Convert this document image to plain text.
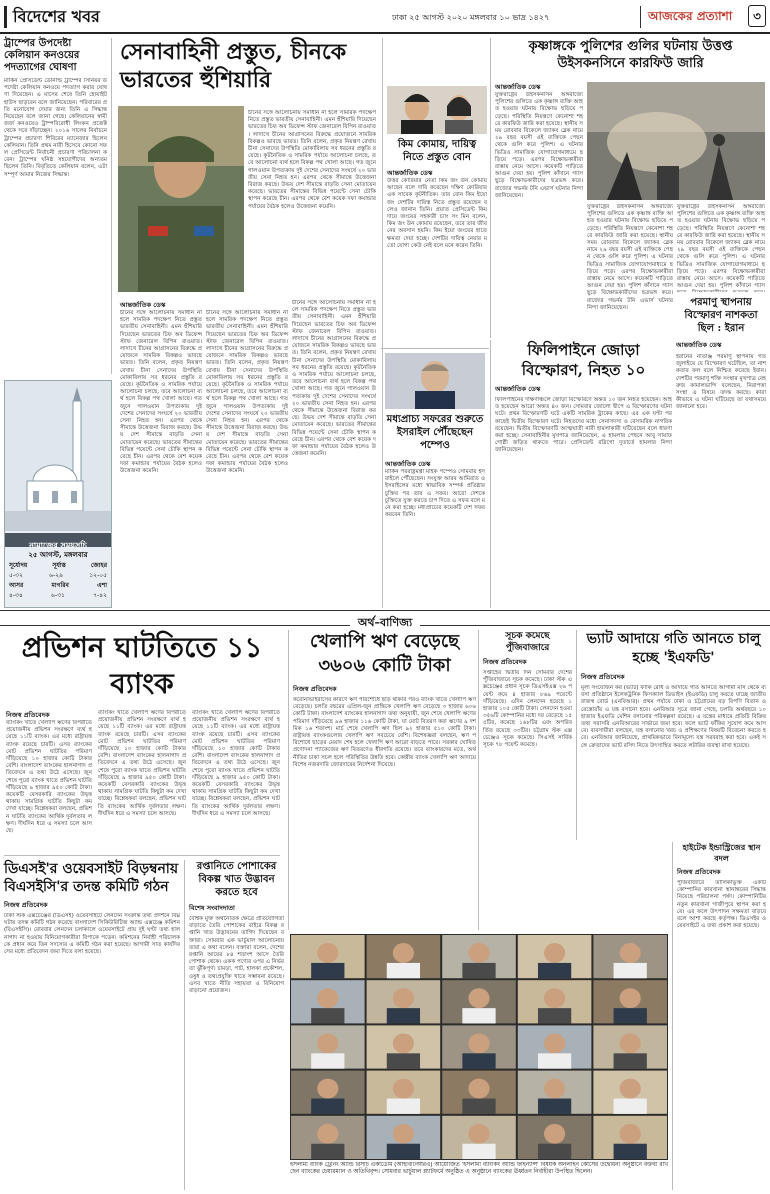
বিদেশের খবর	ঢাকা ২৫ আগস্ট ২০২০ মঙ্গলবার ১০ ভাদ্র ১৪২৭	আজকের প্রত্যাশা	৩
ট্রাম্পের উপদেষ্টা কেলিয়ান কনওয়ের পদত্যাগের ঘোষণা
মার্কিন প্রেসিডেন্ট ডোনাল্ড ট্রাম্পের সিনিয়র উপদেষ্টা কেলিয়ান কনওয়ে পদত্যাগ করার ঘোষণা দিয়েছেন। এ মাসের শেষে তিনি হোয়াইট হাউস ছাড়বেন বলে জানিয়েছেন। পরিবারের প্রতি মনোযোগ দেয়ার জন্য তিনি এ সিদ্ধান্ত নিয়েছেন বলে জানা গেছে। কেলিয়ানের স্বামী জর্জ কনওয়েও ট্রাম্পবিরোধী লিংকন প্রজেক্ট থেকে সরে দাঁড়াচ্ছেন। ২০১৬ সালের নির্বাচনে ট্রাম্পের প্রচারণা শিবিরের ম্যানেজার ছিলেন কেলিয়ান। তিনি প্রথম নারী হিসেবে কোনো সফল প্রেসিডেন্ট নির্বাচনী প্রচারণা পরিচালনা করেন। ট্রাম্পের ঘনিষ্ঠ সহযোগীদের অন্যতম ছিলেন তিনি। বিবৃতিতে কেলিয়ান বলেন, এটা সম্পূর্ণ আমার নিজের সিদ্ধান্ত।
নামাজের সময়সূচি
২৫ আগস্ট, মঙ্গলবার
সূর্যোদয়	সূর্যাস্ত	জোহর
৫-৩২	৬-২৯	১২-০৫
আসর	মাগরিব	এশা
৪-৩৪	৬-৩১	৭-৪২
সেনাবাহিনী প্রস্তুত, চীনকে ভারতের হুঁশিয়ারি
চীনের সঙ্গে আলোচনায় সমাধান না হলে সামরিক পদক্ষেপ নিতে প্রস্তুত ভারতীয় সেনাবাহিনী। এমন হুঁশিয়ারি দিয়েছেন ভারতের চিফ অব ডিফেন্স স্টাফ জেনারেল বিপিন রাওয়াত। লাদাখে চীনের আগ্রাসনের বিরুদ্ধে প্রয়োজনে সামরিক বিকল্পও ভাবছে ভারত। তিনি বলেন, প্রকৃত নিয়ন্ত্রণ রেখায় চীনা সেনাদের উপস্থিতি মোকাবিলায় সব ধরনের প্রস্তুতি রয়েছে। কূটনৈতিক ও সামরিক পর্যায়ে আলোচনা চলছে, তবে আলোচনা ব্যর্থ হলে বিকল্প পথ খোলা আছে। গত জুনে গালওয়ান উপত্যকায় দুই দেশের সেনাদের সংঘর্ষে ২০ ভারতীয় সেনা নিহত হন। এরপর থেকে সীমান্তে উত্তেজনা বিরাজ করছে। উভয় দেশ সীমান্তে বাড়তি সেনা মোতায়েন করেছে। ভারতের সীমান্তের বিভিন্ন পয়েন্টে সেনা চৌকি স্থাপন করেছে চীন। এরপর থেকে বেশ কয়েক দফা কমান্ডার পর্যায়ের বৈঠক হলেও উত্তেজনা কমেনি।
আন্তর্জাতিক ডেস্ক
চীনের সঙ্গে আলোচনায় সমাধান না হলে সামরিক পদক্ষেপ নিতে প্রস্তুত ভারতীয় সেনাবাহিনী। এমন হুঁশিয়ারি দিয়েছেন ভারতের চিফ অব ডিফেন্স স্টাফ জেনারেল বিপিন রাওয়াত। লাদাখে চীনের আগ্রাসনের বিরুদ্ধে প্রয়োজনে সামরিক বিকল্পও ভাবছে ভারত। তিনি বলেন, প্রকৃত নিয়ন্ত্রণ রেখায় চীনা সেনাদের উপস্থিতি মোকাবিলায় সব ধরনের প্রস্তুতি রয়েছে। কূটনৈতিক ও সামরিক পর্যায়ে আলোচনা চলছে, তবে আলোচনা ব্যর্থ হলে বিকল্প পথ খোলা আছে। গত জুনে গালওয়ান উপত্যকায় দুই দেশের সেনাদের সংঘর্ষে ২০ ভারতীয় সেনা নিহত হন। এরপর থেকে সীমান্তে উত্তেজনা বিরাজ করছে। উভয় দেশ সীমান্তে বাড়তি সেনা মোতায়েন করেছে। ভারতের সীমান্তের বিভিন্ন পয়েন্টে সেনা চৌকি স্থাপন করেছে চীন। এরপর থেকে বেশ কয়েক দফা কমান্ডার পর্যায়ের বৈঠক হলেও উত্তেজনা কমেনি।
চীনের সঙ্গে আলোচনায় সমাধান না হলে সামরিক পদক্ষেপ নিতে প্রস্তুত ভারতীয় সেনাবাহিনী। এমন হুঁশিয়ারি দিয়েছেন ভারতের চিফ অব ডিফেন্স স্টাফ জেনারেল বিপিন রাওয়াত। লাদাখে চীনের আগ্রাসনের বিরুদ্ধে প্রয়োজনে সামরিক বিকল্পও ভাবছে ভারত। তিনি বলেন, প্রকৃত নিয়ন্ত্রণ রেখায় চীনা সেনাদের উপস্থিতি মোকাবিলায় সব ধরনের প্রস্তুতি রয়েছে। কূটনৈতিক ও সামরিক পর্যায়ে আলোচনা চলছে, তবে আলোচনা ব্যর্থ হলে বিকল্প পথ খোলা আছে। গত জুনে গালওয়ান উপত্যকায় দুই দেশের সেনাদের সংঘর্ষে ২০ ভারতীয় সেনা নিহত হন। এরপর থেকে সীমান্তে উত্তেজনা বিরাজ করছে। উভয় দেশ সীমান্তে বাড়তি সেনা মোতায়েন করেছে। ভারতের সীমান্তের বিভিন্ন পয়েন্টে সেনা চৌকি স্থাপন করেছে চীন। এরপর থেকে বেশ কয়েক দফা কমান্ডার পর্যায়ের বৈঠক হলেও উত্তেজনা কমেনি।
চীনের সঙ্গে আলোচনায় সমাধান না হলে সামরিক পদক্ষেপ নিতে প্রস্তুত ভারতীয় সেনাবাহিনী। এমন হুঁশিয়ারি দিয়েছেন ভারতের চিফ অব ডিফেন্স স্টাফ জেনারেল বিপিন রাওয়াত। লাদাখে চীনের আগ্রাসনের বিরুদ্ধে প্রয়োজনে সামরিক বিকল্পও ভাবছে ভারত। তিনি বলেন, প্রকৃত নিয়ন্ত্রণ রেখায় চীনা সেনাদের উপস্থিতি মোকাবিলায় সব ধরনের প্রস্তুতি রয়েছে। কূটনৈতিক ও সামরিক পর্যায়ে আলোচনা চলছে, তবে আলোচনা ব্যর্থ হলে বিকল্প পথ খোলা আছে। গত জুনে গালওয়ান উপত্যকায় দুই দেশের সেনাদের সংঘর্ষে ২০ ভারতীয় সেনা নিহত হন। এরপর থেকে সীমান্তে উত্তেজনা বিরাজ করছে। উভয় দেশ সীমান্তে বাড়তি সেনা মোতায়েন করেছে। ভারতের সীমান্তের বিভিন্ন পয়েন্টে সেনা চৌকি স্থাপন করেছে চীন। এরপর থেকে বেশ কয়েক দফা কমান্ডার পর্যায়ের বৈঠক হলেও উত্তেজনা কমেনি।
কিম কোমায়, দায়িত্ব নিতে প্রস্তুত বোন
আন্তর্জাতিক ডেস্ক
উত্তর কোরিয়ার নেতা কিম জং উন কোমায় আছেন বলে দাবি করেছেন দক্ষিণ কোরিয়ার এক সাবেক কূটনীতিক। তার বোন কিম ইয়ো জং দেশটির দায়িত্ব নিতে প্রস্তুত রয়েছেন বলেও জানান তিনি। প্রয়াত প্রেসিডেন্ট কিম দায়ে জংয়ের সহকারী চ্যাং সং মিন বলেন, কিম জং উন কোমায় রয়েছেন, তবে তার জীবনের অবসান হয়নি। কিম ইয়ো জংয়ের হাতে ক্ষমতা দেয়া হচ্ছে। দেশটির দায়িত্ব নেয়ার মতো যোগ্য কেউ নেই বলে মনে করেন তিনি।
মধ্যপ্রাচ্য সফরের শুরুতে ইসরাইল পৌঁছেছেন পম্পেও
আন্তর্জাতিক ডেস্ক
মার্কিন পররাষ্ট্রমন্ত্রী মাইক পম্পেও সোমবার ইসরাইলে পৌঁছেছেন। সংযুক্ত আরব আমিরাত ও ইসরাইলের মধ্যে স্বাভাবিক সম্পর্ক প্রতিষ্ঠার চুক্তির পর তার এ সফর। আরো দেশকে চুক্তিতে যুক্ত করতে চাপ দিতে এ সফর বলে মনে করা হচ্ছে। মধ্যপ্রাচ্যের কয়েকটি দেশ সফর করবেন তিনি।
কৃষ্ণাঙ্গকে পুলিশের গুলির ঘটনায় উত্তপ্ত উইসকনসিনে কারফিউ জারি
আন্তর্জাতিক ডেস্ক
যুক্তরাষ্ট্রের উইসকনসিন অঙ্গরাজ্যে পুলিশের গুলিতে এক কৃষ্ণাঙ্গ ব্যক্তি আহত হওয়ার ঘটনায় বিক্ষোভ ছড়িয়ে পড়েছে। পরিস্থিতি নিয়ন্ত্রণে কেনোশা শহরে কারফিউ জারি করা হয়েছে। স্থানীয় সময় রোববার বিকেলে জ্যাকব ব্লেক নামে ২৯ বছর বয়সী ওই ব্যক্তিকে পেছন থেকে গুলি করে পুলিশ। এ ঘটনার ভিডিও সামাজিক যোগাযোগমাধ্যমে ছড়িয়ে পড়ে। এরপর বিক্ষোভকারীরা রাস্তায় নেমে আসে। কয়েকটি গাড়িতে আগুন দেয়া হয়। পুলিশ কাঁদানে গ্যাস ছুড়ে বিক্ষোভকারীদের ছত্রভঙ্গ করে। রাজ্যের গভর্নর টনি এভার্স ঘটনার নিন্দা জানিয়েছেন।
যুক্তরাষ্ট্রের উইসকনসিন অঙ্গরাজ্যে পুলিশের গুলিতে এক কৃষ্ণাঙ্গ ব্যক্তি আহত হওয়ার ঘটনায় বিক্ষোভ ছড়িয়ে পড়েছে। পরিস্থিতি নিয়ন্ত্রণে কেনোশা শহরে কারফিউ জারি করা হয়েছে। স্থানীয় সময় রোববার বিকেলে জ্যাকব ব্লেক নামে ২৯ বছর বয়সী ওই ব্যক্তিকে পেছন থেকে গুলি করে পুলিশ। এ ঘটনার ভিডিও সামাজিক যোগাযোগমাধ্যমে ছড়িয়ে পড়ে। এরপর বিক্ষোভকারীরা রাস্তায় নেমে আসে। কয়েকটি গাড়িতে আগুন দেয়া হয়। পুলিশ কাঁদানে গ্যাস ছুড়ে বিক্ষোভকারীদের ছত্রভঙ্গ করে। রাজ্যের গভর্নর টনি এভার্স ঘটনার নিন্দা জানিয়েছেন।
যুক্তরাষ্ট্রের উইসকনসিন অঙ্গরাজ্যে পুলিশের গুলিতে এক কৃষ্ণাঙ্গ ব্যক্তি আহত হওয়ার ঘটনায় বিক্ষোভ ছড়িয়ে পড়েছে। পরিস্থিতি নিয়ন্ত্রণে কেনোশা শহরে কারফিউ জারি করা হয়েছে। স্থানীয় সময় রোববার বিকেলে জ্যাকব ব্লেক নামে ২৯ বছর বয়সী ওই ব্যক্তিকে পেছন থেকে গুলি করে পুলিশ। এ ঘটনার ভিডিও সামাজিক যোগাযোগমাধ্যমে ছড়িয়ে পড়ে। এরপর বিক্ষোভকারীরা রাস্তায় নেমে আসে। কয়েকটি গাড়িতে আগুন দেয়া হয়। পুলিশ কাঁদানে গ্যাস
পরমাণু স্থাপনায় বিস্ফোরণ নাশকতা ছিল : ইরান
আন্তর্জাতিক ডেস্ক
ইরানের নাতাঞ্জ পরমাণু স্থাপনায় গত জুলাইয়ে যে বিস্ফোরণ ঘটেছিল, তা নাশকতার ফল বলে নিশ্চিত করেছে ইরান। দেশটির পরমাণু শক্তি সংস্থার মুখপাত্র বেহরুজ কামালভান্দি বলেছেন, নিরাপত্তা সংস্থা এ বিষয়ে তদন্ত করছে। কারা কীভাবে এ ঘটনা ঘটিয়েছে তা যথাসময়ে জানানো হবে।
ফিলিপাইনে জোড়া বিস্ফোরণ, নিহত ১০
আন্তর্জাতিক ডেস্ক
ফিলিপাইনের দক্ষিণাঞ্চলে জোড়া বিস্ফোরণে অন্তত ১০ জন নিহত হয়েছেন। আহত হয়েছেন আরো অন্তত ৪০ জন। সোমবার জোলো দ্বীপে এ বিস্ফোরণের ঘটনা ঘটে। প্রথম বিস্ফোরণটি ঘটে একটি সামরিক ট্রাকের কাছে। এর এক ঘণ্টা পর কাছেই দ্বিতীয় বিস্ফোরণ ঘটে। নিহতদের মধ্যে সেনাসদস্য ও বেসামরিক নাগরিক রয়েছেন। দ্বিতীয় বিস্ফোরণটি আত্মঘাতী নারী হামলাকারী ঘটিয়েছেন বলে ধারণা করা হচ্ছে। সেনাবাহিনীর মুখপাত্র জানিয়েছেন, এ হামলার পেছনে আবু সায়াফ গোষ্ঠী জড়িত থাকতে পারে। প্রেসিডেন্ট রদ্রিগো দুতার্তে হামলার নিন্দা জানিয়েছেন।
অর্থ–বাণিজ্য
প্রভিশন ঘাটতিতে ১১ ব্যাংক
নিজস্ব প্রতিবেদক
ব্যাংকিং খাতে খেলাপি ঋণের বিপরীতে প্রয়োজনীয় প্রভিশন সংরক্ষণে ব্যর্থ হয়েছে ১১টি ব্যাংক। এর মধ্যে রাষ্ট্রায়ত্ত ব্যাংক রয়েছে চারটি। এসব ব্যাংকের মোট প্রভিশন ঘাটতির পরিমাণ দাঁড়িয়েছে ১০ হাজার কোটি টাকার বেশি। বাংলাদেশ ব্যাংকের হালনাগাদ প্রতিবেদনে এ তথ্য উঠে এসেছে। জুন শেষে পুরো ব্যাংক খাতে প্রভিশন ঘাটতি দাঁড়িয়েছে ৯ হাজার ৯৫০ কোটি টাকা। কয়েকটি বেসরকারি ব্যাংকের উদ্বৃত্ত থাকায় সামগ্রিক ঘাটতি কিছুটা কম দেখা যাচ্ছে। বিশ্লেষকরা বলছেন, প্রভিশন ঘাটতি ব্যাংকের আর্থিক দুর্বলতার লক্ষণ। দীর্ঘদিন ধরে এ সমস্যা চলে আসছে।
ব্যাংকিং খাতে খেলাপি ঋণের বিপরীতে প্রয়োজনীয় প্রভিশন সংরক্ষণে ব্যর্থ হয়েছে ১১টি ব্যাংক। এর মধ্যে রাষ্ট্রায়ত্ত ব্যাংক রয়েছে চারটি। এসব ব্যাংকের মোট প্রভিশন ঘাটতির পরিমাণ দাঁড়িয়েছে ১০ হাজার কোটি টাকার বেশি। বাংলাদেশ ব্যাংকের হালনাগাদ প্রতিবেদনে এ তথ্য উঠে এসেছে। জুন শেষে পুরো ব্যাংক খাতে প্রভিশন ঘাটতি দাঁড়িয়েছে ৯ হাজার ৯৫০ কোটি টাকা। কয়েকটি বেসরকারি ব্যাংকের উদ্বৃত্ত থাকায় সামগ্রিক ঘাটতি কিছুটা কম দেখা যাচ্ছে। বিশ্লেষকরা বলছেন, প্রভিশন ঘাটতি ব্যাংকের আর্থিক দুর্বলতার লক্ষণ। দীর্ঘদিন ধরে এ সমস্যা চলে আসছে।
ব্যাংকিং খাতে খেলাপি ঋণের বিপরীতে প্রয়োজনীয় প্রভিশন সংরক্ষণে ব্যর্থ হয়েছে ১১টি ব্যাংক। এর মধ্যে রাষ্ট্রায়ত্ত ব্যাংক রয়েছে চারটি। এসব ব্যাংকের মোট প্রভিশন ঘাটতির পরিমাণ দাঁড়িয়েছে ১০ হাজার কোটি টাকার বেশি। বাংলাদেশ ব্যাংকের হালনাগাদ প্রতিবেদনে এ তথ্য উঠে এসেছে। জুন শেষে পুরো ব্যাংক খাতে প্রভিশন ঘাটতি দাঁড়িয়েছে ৯ হাজার ৯৫০ কোটি টাকা। কয়েকটি বেসরকারি ব্যাংকের উদ্বৃত্ত থাকায় সামগ্রিক ঘাটতি কিছুটা কম দেখা যাচ্ছে। বিশ্লেষকরা বলছেন, প্রভিশন ঘাটতি ব্যাংকের আর্থিক দুর্বলতার লক্ষণ। দীর্ঘদিন ধরে এ সমস্যা চলে আসছে।
ডিএসই'র ওয়েবসাইট বিড়ম্বনায় বিএসইসি'র তদন্ত কমিটি গঠন
নিজস্ব প্রতিবেদক
ঢাকা স্টক এক্সচেঞ্জের (ডিএসই) ওয়েবসাইটে লেনদেন সংক্রান্ত তথ্য প্রদর্শনে বিঘ্ন ঘটায় তদন্ত কমিটি গঠন করেছে বাংলাদেশ সিকিউরিটিজ অ্যান্ড এক্সচেঞ্জ কমিশন (বিএসইসি)। রোববার লেনদেন চলাকালে ওয়েবসাইটে প্রায় দুই ঘণ্টা তথ্য হালনাগাদ না হওয়ায় বিনিয়োগকারীরা বিপাকে পড়েন। কমিশনের নির্বাহী পরিচালককে প্রধান করে তিন সদস্যের এ কমিটি গঠন করা হয়েছে। আগামী সাত কার্যদিবসের মধ্যে প্রতিবেদন জমা দিতে বলা হয়েছে।
রপ্তানিতে পোশাকের বিকল্প খাত উদ্ভাবন করতে হবে
বিশেষ সংবাদদাতা
বৈশ্বিক মুক্ত অর্থনৈতিক ক্ষেত্রে প্রতিযোগিতা বাড়াতে তৈরি পোশাকের বাইরে বিকল্প রপ্তানি খাত উদ্ভাবনের তাগিদ দিয়েছেন বক্তারা। সোমবার এক ভার্চুয়াল আলোচনায় তারা এ কথা বলেন। বক্তারা বলেন, দেশের রপ্তানি আয়ের ৮৪ শতাংশ আসে তৈরি পোশাক থেকে। একক পণ্যের ওপর এ নির্ভরতা ঝুঁকিপূর্ণ। চামড়া, পাট, হালকা প্রকৌশল, ওষুধ ও তথ্যপ্রযুক্তি খাতে সম্ভাবনা রয়েছে। এসব খাতে নীতি সহায়তা ও বিনিয়োগ বাড়ানো প্রয়োজন।
খেলাপি ঋণ বেড়েছে ৩৬০৬ কোটি টাকা
নিজস্ব প্রতিবেদক
করোনাভাইরাসের কারণে ঋণ পরিশোধে ছাড় থাকার পরও ব্যাংক খাতে খেলাপি ঋণ বেড়েছে। চলতি বছরের এপ্রিল-জুন প্রান্তিকে খেলাপি ঋণ বেড়েছে ৩ হাজার ৬০৬ কোটি টাকা। বাংলাদেশ ব্যাংকের হালনাগাদ তথ্য অনুযায়ী, জুন শেষে খেলাপি ঋণের পরিমাণ দাঁড়িয়েছে ৯৬ হাজার ১১৬ কোটি টাকা, যা মোট বিতরণ করা ঋণের ৯ দশমিক ১৬ শতাংশ। মার্চ শেষে খেলাপি ঋণ ছিল ৯২ হাজার ৫১০ কোটি টাকা। রাষ্ট্রায়ত্ত ব্যাংকগুলোর খেলাপি ঋণ সবচেয়ে বেশি। বিশেষজ্ঞরা বলছেন, ঋণ পরিশোধে ছাড়ের মেয়াদ শেষ হলে খেলাপি ঋণ আরো বাড়তে পারে। সরকার ঘোষিত প্রণোদনা প্যাকেজের ঋণ বিতরণেও ধীরগতি রয়েছে। তবে ব্যাংকারদের মতে, অর্থনীতির চাকা সচল হলে পরিস্থিতির উন্নতি হবে। কেন্দ্রীয় ব্যাংক খেলাপি ঋণ আদায়ে বিশেষ নজরদারি জোরদারের নির্দেশনা দিয়েছে।
সূচক কমেছে পুঁজিবাজারে
নিজস্ব প্রতিবেদক
সপ্তাহের দ্বিতীয় দিন সোমবার দেশের পুঁজিবাজারে সূচক কমেছে। ঢাকা স্টক এক্সচেঞ্জের প্রধান সূচক ডিএসইএক্স ২৬ পয়েন্ট কমে ৪ হাজার ৮৬৯ পয়েন্টে দাঁড়িয়েছে। এদিন লেনদেন হয়েছে ১ হাজার ১০৫ কোটি টাকা। লেনদেন হওয়া ৩৫৬টি কোম্পানির মধ্যে দর বেড়েছে ১৫৫টির, কমেছে ১৬৮টির এবং অপরিবর্তিত রয়েছে ৩৩টির। চট্টগ্রাম স্টক এক্সচেঞ্জেও সূচক কমেছে। সিএসই সার্বিক সূচক ৭৮ পয়েন্ট কমেছে।
ভ্যাট আদায়ে গতি আনতে চালু হচ্ছে 'ইএফডি'
নিজস্ব প্রতিবেদক
মূল্য সংযোজন কর (ভ্যাট) ফাঁকি রোধ ও আদায়ে গতি আনতে আগামী মাস থেকে ব্যবসা প্রতিষ্ঠানে ইলেকট্রনিক ফিসক্যাল ডিভাইস (ইএফডি) চালু করতে যাচ্ছে জাতীয় রাজস্ব বোর্ড (এনবিআর)। প্রথম পর্যায়ে ঢাকা ও চট্টগ্রামের বড় বিপণি বিতান ও রেস্তোরাঁয় এ যন্ত্র বসানো হবে। এনবিআর সূত্রে জানা গেছে, চলতি অর্থবছরে ১০ হাজার ইএফডি মেশিন বসানোর পরিকল্পনা রয়েছে। এ যন্ত্রের মাধ্যমে প্রতিটি বিক্রির তথ্য সরাসরি এনবিআরের সার্ভারে জমা হবে। ফলে ভ্যাট ফাঁকির সুযোগ কমে আসবে। ব্যবসায়ীরা বলছেন, যন্ত্র বসানোর খরচ ও প্রশিক্ষণের বিষয়টি বিবেচনা করতে হবে। এনবিআর জানিয়েছে, প্রাথমিকভাবে বিনামূল্যে যন্ত্র সরবরাহ করা হবে। একই সঙ্গে ক্রেতাদের ভ্যাট রসিদ নিতে উৎসাহিত করতে লটারির ব্যবস্থা রাখা হয়েছে।
হাইটেক ইন্ডাস্ট্রিজের স্থান বদল
নিজস্ব প্রতিবেদক
পুঁজিবাজারে তালিকাভুক্ত একটি কোম্পানির কারখানা স্থানান্তরের সিদ্ধান্ত নিয়েছে পরিচালনা পর্ষদ। কোম্পানিটির নতুন কারখানা গাজীপুরে স্থাপন করা হবে। এর ফলে উৎপাদন সক্ষমতা বাড়বে বলে আশা করছে কর্তৃপক্ষ। ডিএসইর ওয়েবসাইটে এ তথ্য প্রকাশ করা হয়েছে।
ইসলামী ব্যাংক ট্রেনিং অ্যান্ড রিসার্চ একাডেমি (আইবিটিআরএ) আয়োজিত 'ইসলামী ব্যাংকিং অ্যান্ড ফাইন্যান্স' বিষয়ক অনলাইন কোর্সের উদ্বোধনী অনুষ্ঠানে বক্তব্য রাখছেন ব্যাংকের চেয়ারম্যান ও অতিথিবৃন্দ। সোমবার ভার্চুয়াল প্ল্যাটফর্মে অনুষ্ঠিত এ অনুষ্ঠানে ব্যাংকের ঊর্ধ্বতন নির্বাহীরা উপস্থিত ছিলেন।
